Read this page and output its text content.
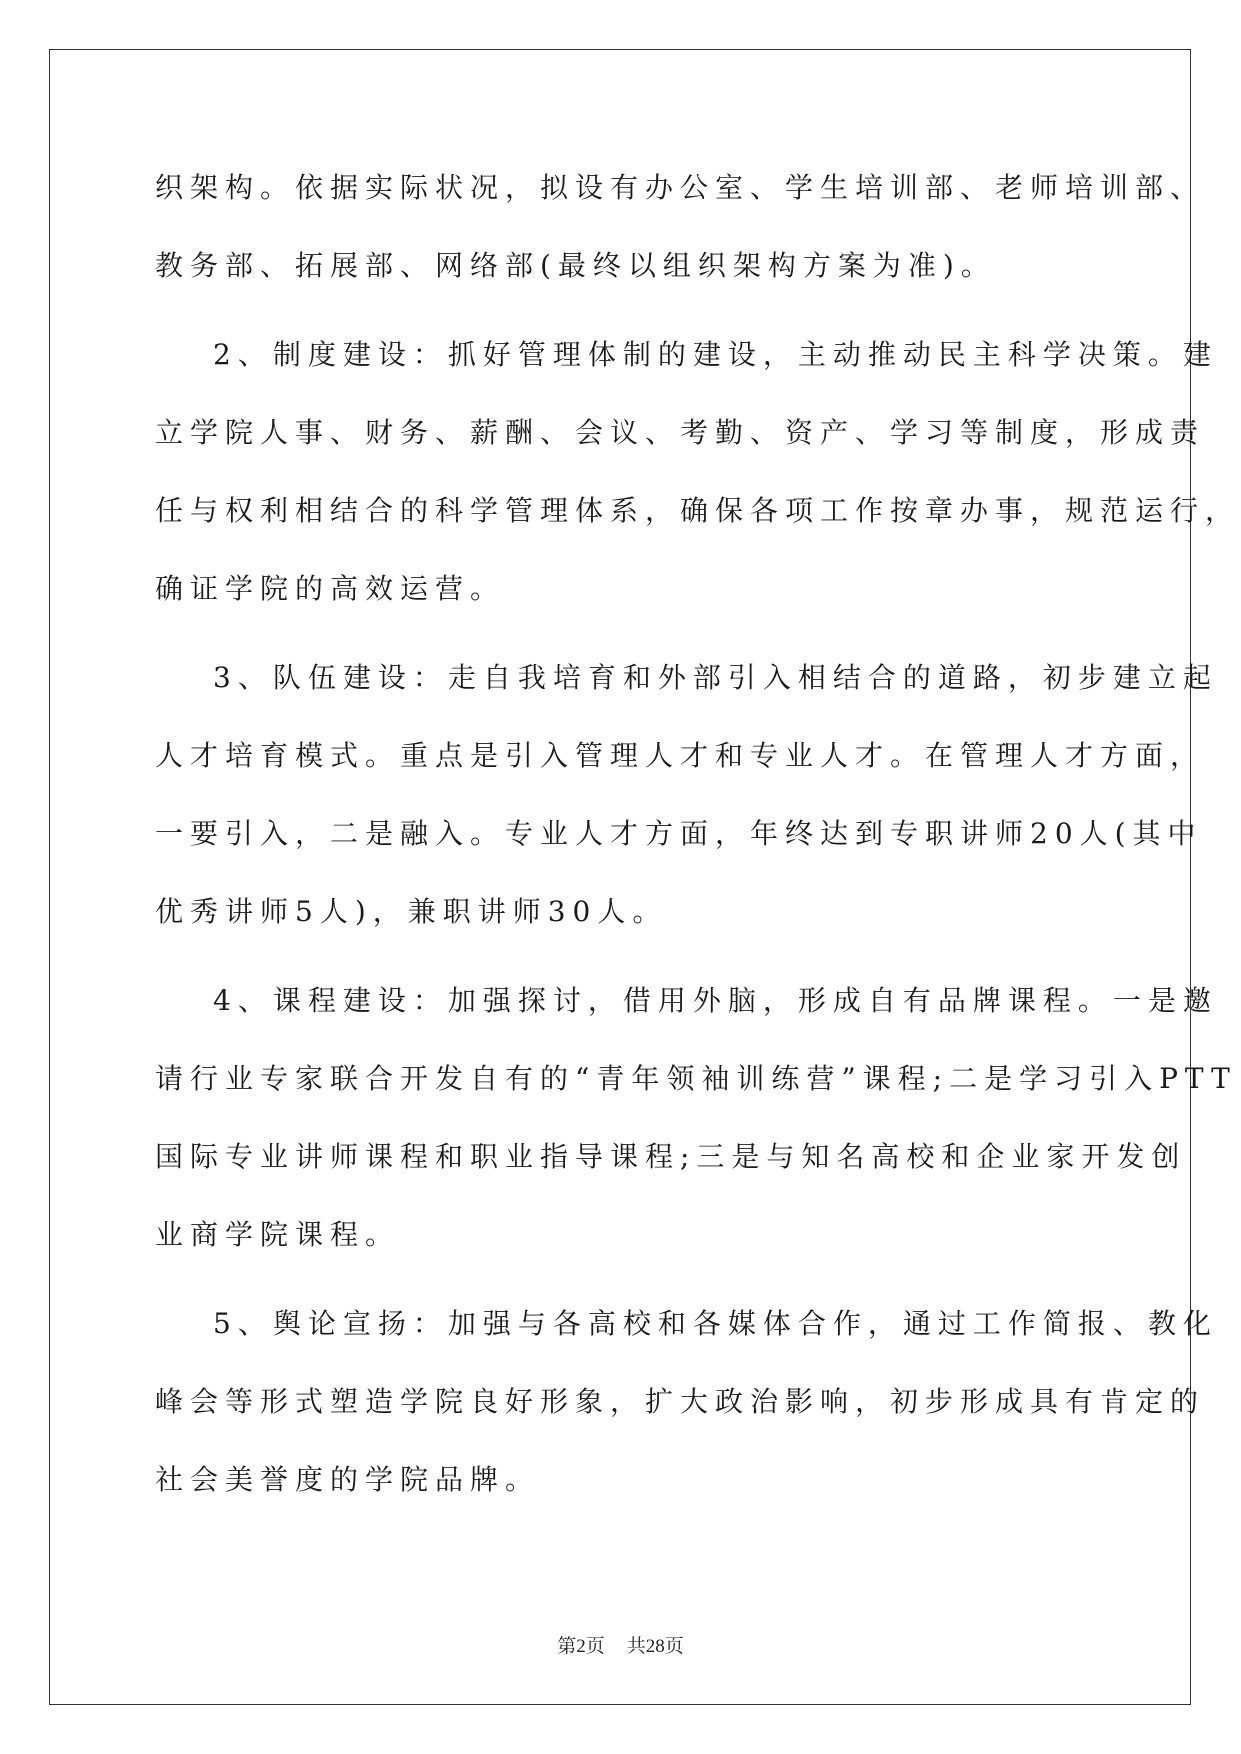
织架构。依据实际状况，拟设有办公室、学生培训部、老师培训部、
教务部、拓展部、网络部(最终以组织架构方案为准)。
2、制度建设：抓好管理体制的建设，主动推动民主科学决策。建
立学院人事、财务、薪酬、会议、考勤、资产、学习等制度，形成责
任与权利相结合的科学管理体系，确保各项工作按章办事，规范运行，
确证学院的高效运营。
3、队伍建设：走自我培育和外部引入相结合的道路，初步建立起
人才培育模式。重点是引入管理人才和专业人才。在管理人才方面，
一要引入，二是融入。专业人才方面，年终达到专职讲师20人(其中
优秀讲师5人)，兼职讲师30人。
4、课程建设：加强探讨，借用外脑，形成自有品牌课程。一是邀
请行业专家联合开发自有的“青年领袖训练营”课程;二是学习引入PTT
国际专业讲师课程和职业指导课程;三是与知名高校和企业家开发创
业商学院课程。
5、舆论宣扬：加强与各高校和各媒体合作，通过工作简报、教化
峰会等形式塑造学院良好形象，扩大政治影响，初步形成具有肯定的
社会美誉度的学院品牌。
第2页 共28页
